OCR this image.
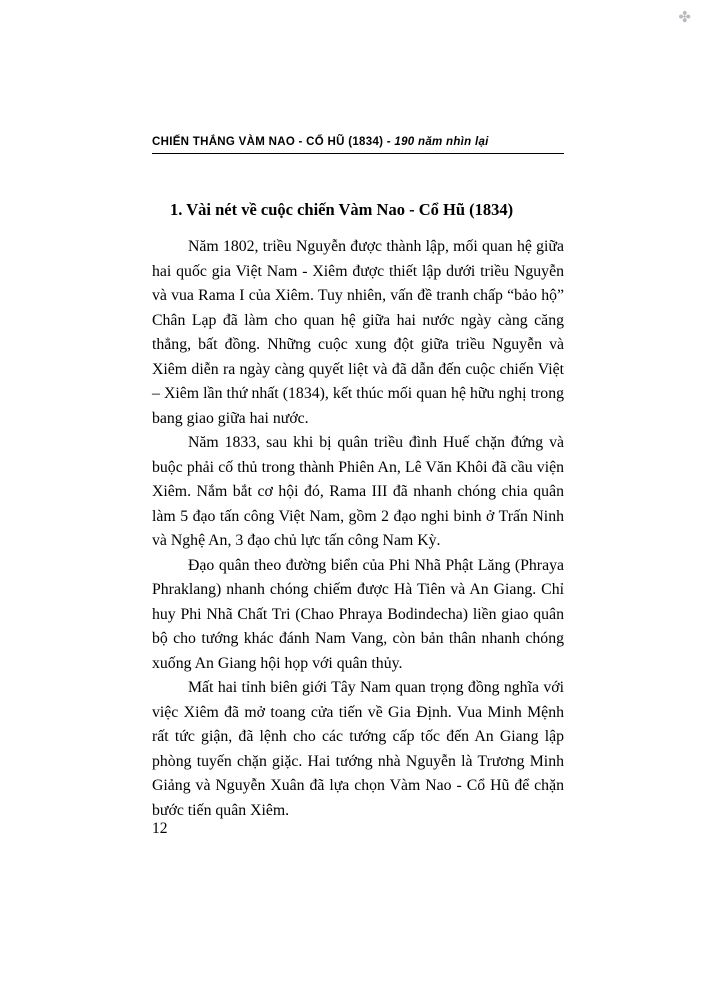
✤
CHIẾN THẮNG VÀM NAO - CỔ HŨ (1834) - 190 năm nhìn lại
1. Vài nét về cuộc chiến Vàm Nao - Cổ Hũ (1834)

Năm 1802, triều Nguyễn được thành lập, mối quan hệ giữa hai quốc gia Việt Nam - Xiêm được thiết lập dưới triều Nguyễn và vua Rama I của Xiêm. Tuy nhiên, vấn đề tranh chấp “bảo hộ” Chân Lạp đã làm cho quan hệ giữa hai nước ngày càng căng thẳng, bất đồng. Những cuộc xung đột giữa triều Nguyễn và Xiêm diễn ra ngày càng quyết liệt và đã dẫn đến cuộc chiến Việt – Xiêm lần thứ nhất (1834), kết thúc mối quan hệ hữu nghị trong bang giao giữa hai nước.

Năm 1833, sau khi bị quân triều đình Huế chặn đứng và buộc phải cố thủ trong thành Phiên An, Lê Văn Khôi đã cầu viện Xiêm. Nắm bắt cơ hội đó, Rama III đã nhanh chóng chia quân làm 5 đạo tấn công Việt Nam, gồm 2 đạo nghi binh ở Trấn Ninh và Nghệ An, 3 đạo chủ lực tấn công Nam Kỳ.

Đạo quân theo đường biển của Phi Nhã Phật Lăng (Phraya Phraklang) nhanh chóng chiếm được Hà Tiên và An Giang. Chỉ huy Phi Nhã Chất Tri (Chao Phraya Bodindecha) liền giao quân bộ cho tướng khác đánh Nam Vang, còn bản thân nhanh chóng xuống An Giang hội họp với quân thủy.

Mất hai tỉnh biên giới Tây Nam quan trọng đồng nghĩa với việc Xiêm đã mở toang cửa tiến về Gia Định. Vua Minh Mệnh rất tức giận, đã lệnh cho các tướng cấp tốc đến An Giang lập phòng tuyến chặn giặc. Hai tướng nhà Nguyễn là Trương Minh Giảng và Nguyễn Xuân đã lựa chọn Vàm Nao - Cổ Hũ để chặn bước tiến quân Xiêm.

12
